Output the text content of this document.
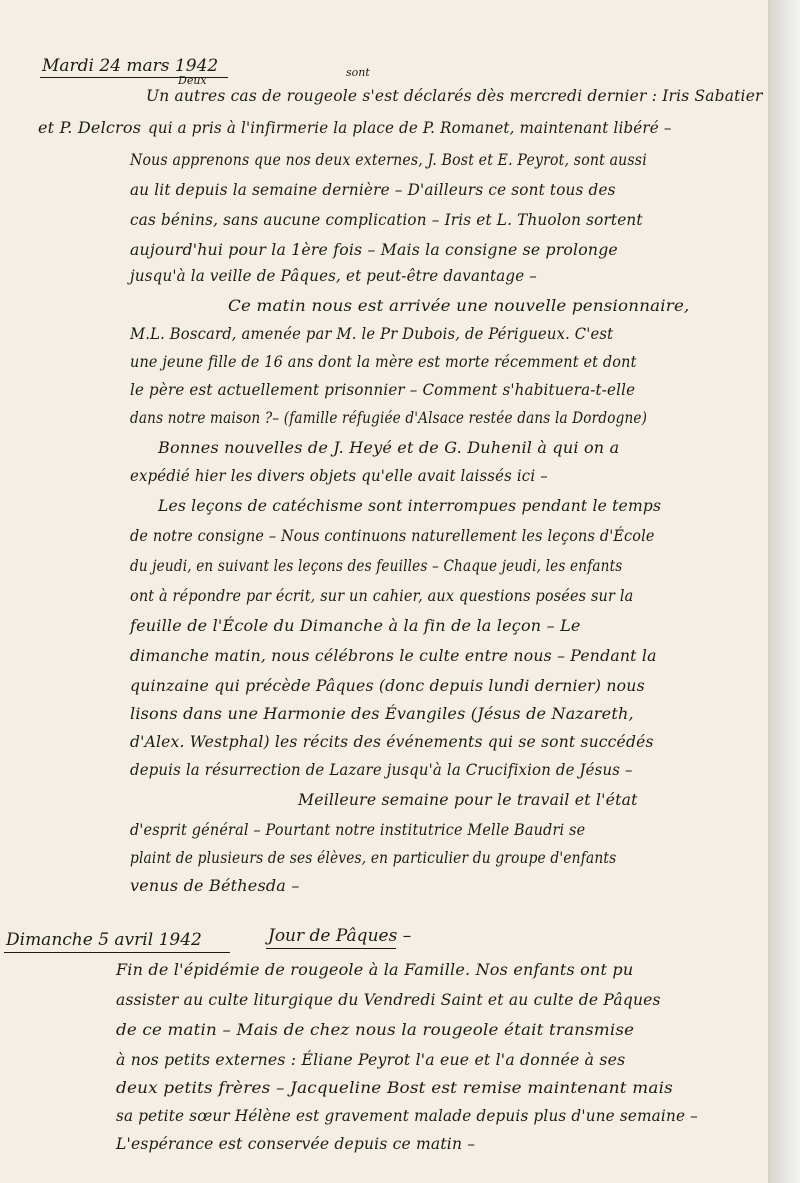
Mardi 24 mars 1942
Deux
sont
et P. Delcros
Un autres cas de rougeole s'est déclarés dès mercredi dernier : Iris Sabatier
qui a pris à l'infirmerie la place de P. Romanet, maintenant libéré –
Nous apprenons que nos deux externes, J. Bost et E. Peyrot, sont aussi
au lit depuis la semaine dernière – D'ailleurs ce sont tous des
cas bénins, sans aucune complication – Iris et L. Thuolon sortent
aujourd'hui pour la 1ère fois – Mais la consigne se prolonge
jusqu'à la veille de Pâques, et peut-être davantage –
Ce matin nous est arrivée une nouvelle pensionnaire,
M.L. Boscard, amenée par M. le Pr Dubois, de Périgueux. C'est
une jeune fille de 16 ans dont la mère est morte récemment et dont
le père est actuellement prisonnier – Comment s'habituera-t-elle
dans notre maison ?– (famille réfugiée d'Alsace restée dans la Dordogne)
Bonnes nouvelles de J. Heyé et de G. Duhenil à qui on a
expédié hier les divers objets qu'elle avait laissés ici –
Les leçons de catéchisme sont interrompues pendant le temps
de notre consigne – Nous continuons naturellement les leçons d'École
du jeudi, en suivant les leçons des feuilles – Chaque jeudi, les enfants
ont à répondre par écrit, sur un cahier, aux questions posées sur la
feuille de l'École du Dimanche à la fin de la leçon – Le
dimanche matin, nous célébrons le culte entre nous – Pendant la
quinzaine qui précède Pâques (donc depuis lundi dernier) nous
lisons dans une Harmonie des Évangiles (Jésus de Nazareth,
d'Alex. Westphal) les récits des événements qui se sont succédés
depuis la résurrection de Lazare jusqu'à la Crucifixion de Jésus –
Meilleure semaine pour le travail et l'état
d'esprit général – Pourtant notre institutrice Melle Baudri se
plaint de plusieurs de ses élèves, en particulier du groupe d'enfants
venus de Béthesda –
Dimanche 5 avril 1942	Jour de Pâques –
Fin de l'épidémie de rougeole à la Famille. Nos enfants ont pu
assister au culte liturgique du Vendredi Saint et au culte de Pâques
de ce matin – Mais de chez nous la rougeole était transmise
à nos petits externes : Éliane Peyrot l'a eue et l'a donnée à ses
deux petits frères – Jacqueline Bost est remise maintenant mais
sa petite sœur Hélène est gravement malade depuis plus d'une semaine –
L'espérance est conservée depuis ce matin –
